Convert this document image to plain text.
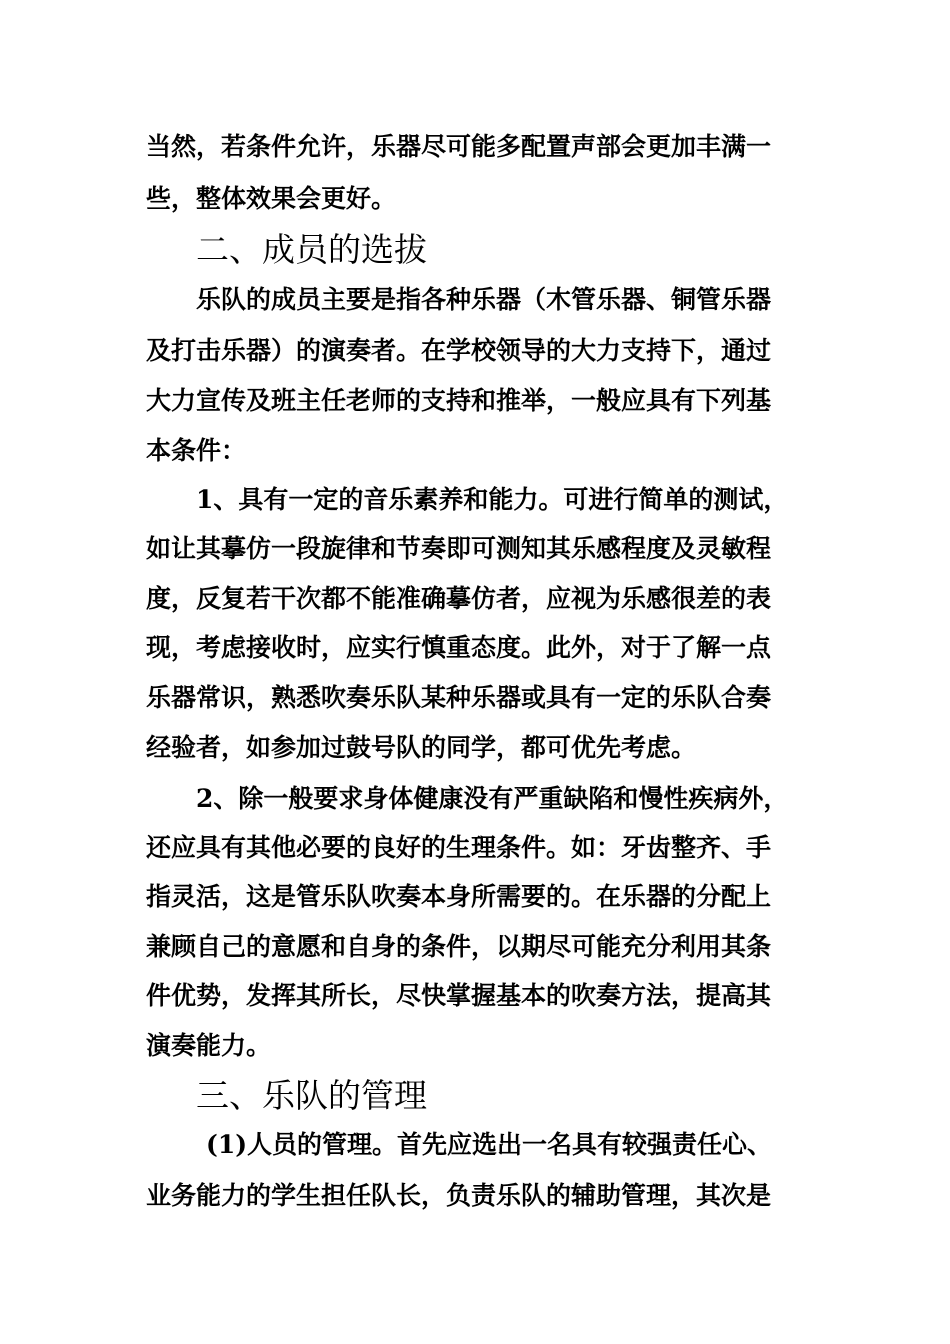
当然，若条件允许，乐器尽可能多配置声部会更加丰满一
些，整体效果会更好。
二、成员的选拔
乐队的成员主要是指各种乐器（木管乐器、铜管乐器
及打击乐器）的演奏者。在学校领导的大力支持下，通过
大力宣传及班主任老师的支持和推举，一般应具有下列基
本条件：
1、具有一定的音乐素养和能力。可进行简单的测试，
如让其摹仿一段旋律和节奏即可测知其乐感程度及灵敏程
度，反复若干次都不能准确摹仿者，应视为乐感很差的表
现，考虑接收时，应实行慎重态度。此外，对于了解一点
乐器常识，熟悉吹奏乐队某种乐器或具有一定的乐队合奏
经验者，如参加过鼓号队的同学，都可优先考虑。
2、除一般要求身体健康没有严重缺陷和慢性疾病外，
还应具有其他必要的良好的生理条件。如：牙齿整齐、手
指灵活，这是管乐队吹奏本身所需要的。在乐器的分配上
兼顾自己的意愿和自身的条件，以期尽可能充分利用其条
件优势，发挥其所长，尽快掌握基本的吹奏方法，提高其
演奏能力。
三、乐队的管理
(1)人员的管理。首先应选出一名具有较强责任心、
业务能力的学生担任队长，负责乐队的辅助管理，其次是
